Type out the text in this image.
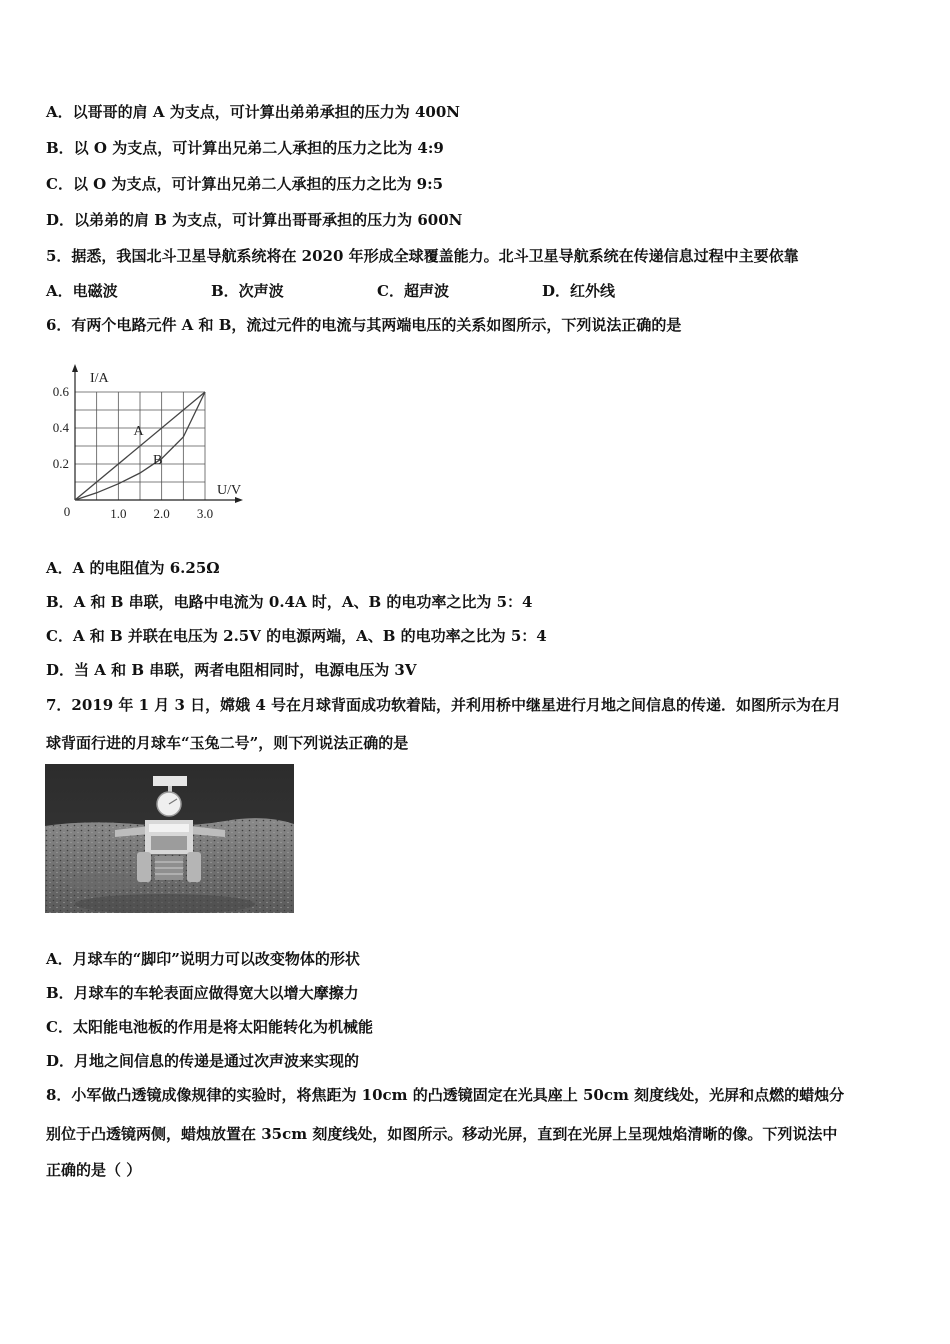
A．以哥哥的肩 A 为支点，可计算出弟弟承担的压力为 400N
B．以 O 为支点，可计算出兄弟二人承担的压力之比为 4:9
C．以 O 为支点，可计算出兄弟二人承担的压力之比为 9:5
D．以弟弟的肩 B 为支点，可计算出哥哥承担的压力为 600N
5．据悉，我国北斗卫星导航系统将在 2020 年形成全球覆盖能力。北斗卫星导航系统在传递信息过程中主要依靠
A．电磁波	B．次声波	C．超声波	D．红外线
6．有两个电路元件 A 和 B，流过元件的电流与其两端电压的关系如图所示，下列说法正确的是
I/A
U/V
0	1.0 2.0 3.0
0.2
0.4
0.6
A
B
A．A 的电阻值为 6.25Ω
B．A 和 B 串联，电路中电流为 0.4A 时，A、B 的电功率之比为 5：4
C．A 和 B 并联在电压为 2.5V 的电源两端，A、B 的电功率之比为 5：4
D．当 A 和 B 串联，两者电阻相同时，电源电压为 3V
7．2019 年 1 月 3 日，嫦娥 4 号在月球背面成功软着陆，并利用桥中继星进行月地之间信息的传递．如图所示为在月
球背面行进的月球车“玉兔二号”，则下列说法正确的是
A．月球车的“脚印”说明力可以改变物体的形状
B．月球车的车轮表面应做得宽大以增大摩擦力
C．太阳能电池板的作用是将太阳能转化为机械能
D．月地之间信息的传递是通过次声波来实现的
8．小军做凸透镜成像规律的实验时，将焦距为 10cm 的凸透镜固定在光具座上 50cm 刻度线处，光屏和点燃的蜡烛分
别位于凸透镜两侧，蜡烛放置在 35cm 刻度线处，如图所示。移动光屏，直到在光屏上呈现烛焰清晰的像。下列说法中
正确的是（ ）
